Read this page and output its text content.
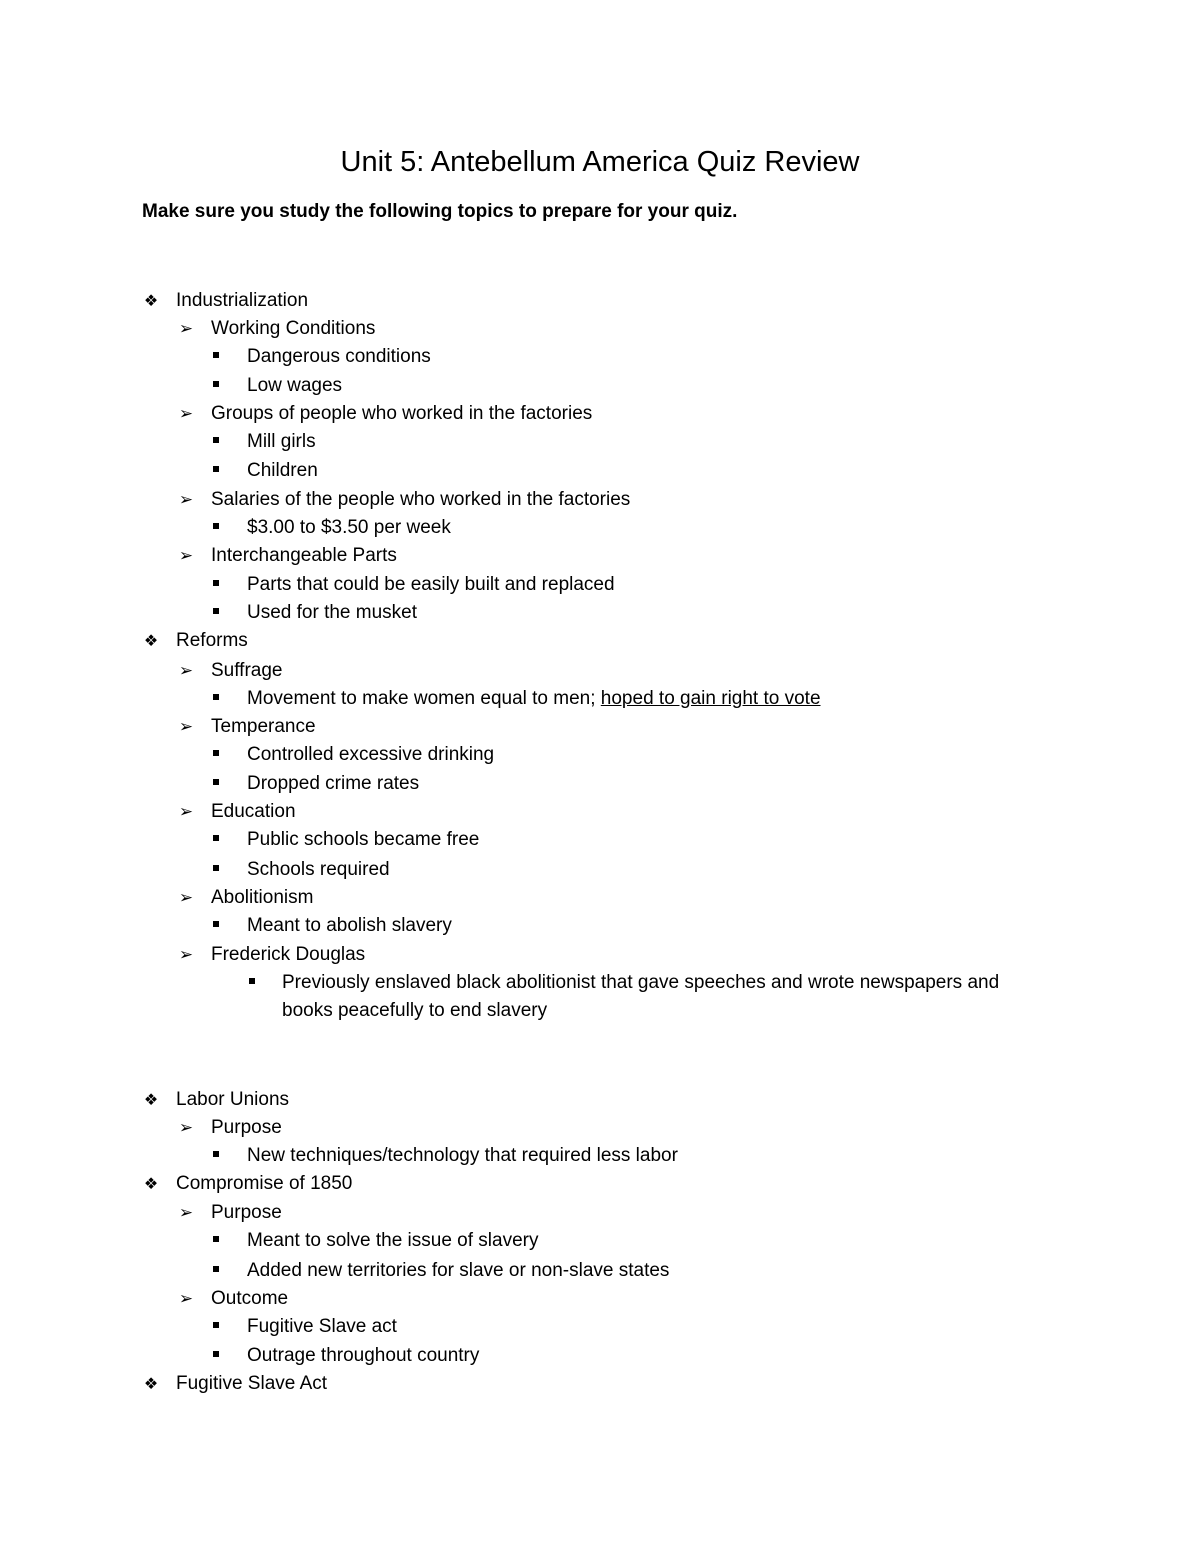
Unit 5: Antebellum America Quiz Review

Make sure you study the following topics to prepare for your quiz.

❖ Industrialization
➢ Working Conditions
Dangerous conditions
Low wages
➢ Groups of people who worked in the factories
Mill girls
Children
➢ Salaries of the people who worked in the factories
$3.00 to $3.50 per week
➢ Interchangeable Parts
Parts that could be easily built and replaced
Used for the musket
❖ Reforms
➢ Suffrage
Movement to make women equal to men; hoped to gain right to vote
➢ Temperance
Controlled excessive drinking
Dropped crime rates
➢ Education
Public schools became free
Schools required
➢ Abolitionism
Meant to abolish slavery
➢ Frederick Douglas
Previously enslaved black abolitionist that gave speeches and wrote newspapers and
books peacefully to end slavery
❖ Labor Unions
➢ Purpose
New techniques/technology that required less labor
❖ Compromise of 1850
➢ Purpose
Meant to solve the issue of slavery
Added new territories for slave or non-slave states
➢ Outcome
Fugitive Slave act
Outrage throughout country
❖ Fugitive Slave Act
